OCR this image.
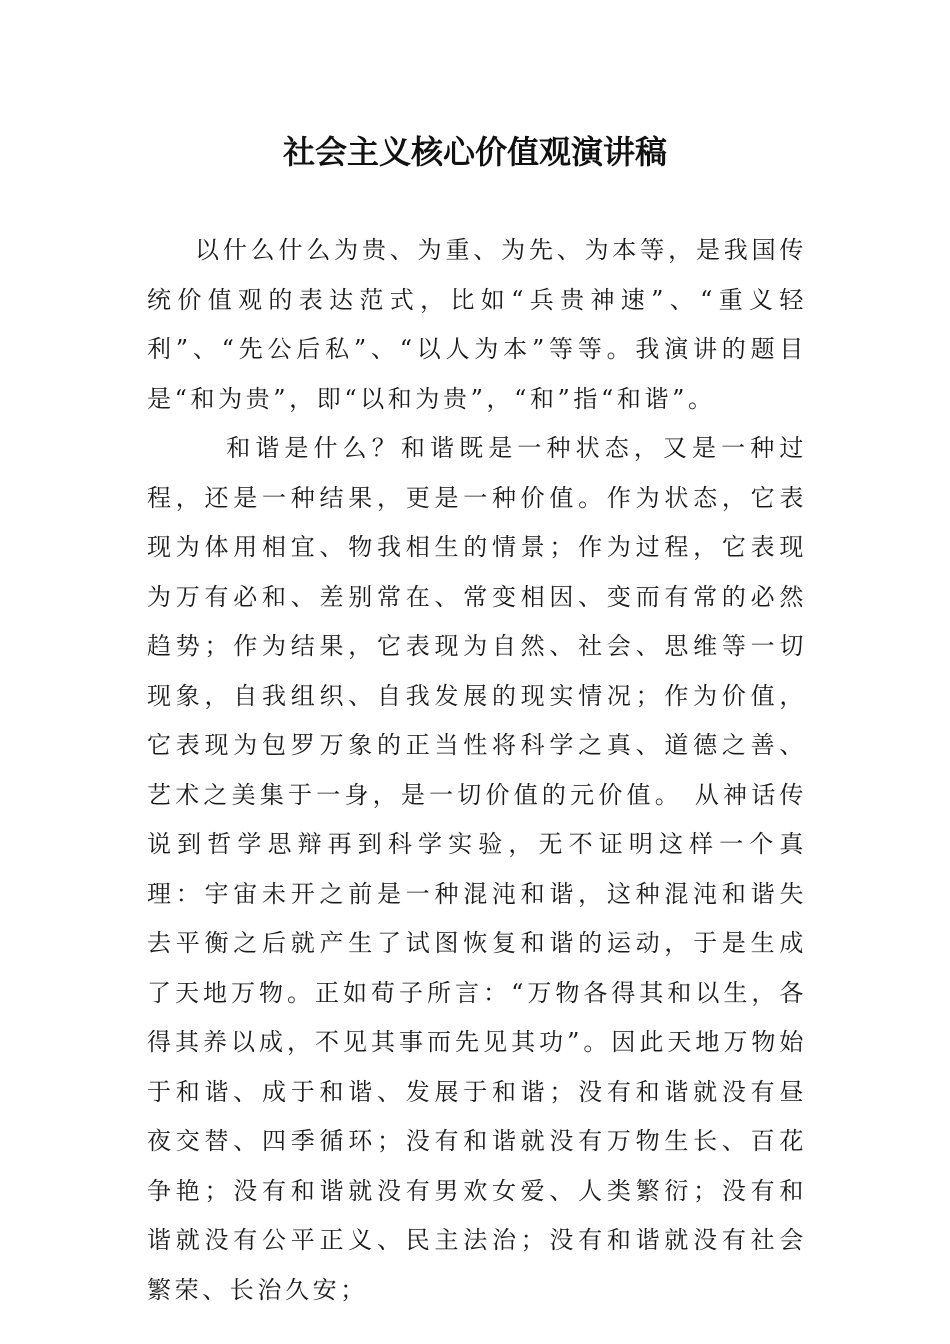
社会主义核心价值观演讲稿

以什么什么为贵、为重、为先、为本等，是我国传统价值观的表达范式，比如“兵贵神速”、“重义轻利”、“先公后私”、“以人为本”等等。我演讲的题目是“和为贵”，即“以和为贵”，“和”指“和谐”。

和谐是什么？和谐既是一种状态，又是一种过程，还是一种结果，更是一种价值。作为状态，它表现为体用相宜、物我相生的情景；作为过程，它表现为万有必和、差别常在、常变相因、变而有常的必然趋势；作为结果，它表现为自然、社会、思维等一切现象，自我组织、自我发展的现实情况；作为价值，它表现为包罗万象的正当性将科学之真、道德之善、艺术之美集于一身，是一切价值的元价值。 从神话传说到哲学思辩再到科学实验，无不证明这样一个真理：宇宙未开之前是一种混沌和谐，这种混沌和谐失去平衡之后就产生了试图恢复和谐的运动，于是生成了天地万物。正如荀子所言：“万物各得其和以生，各得其养以成，不见其事而先见其功”。因此天地万物始于和谐、成于和谐、发展于和谐；没有和谐就没有昼夜交替、四季循环；没有和谐就没有万物生长、百花争艳；没有和谐就没有男欢女爱、人类繁衍；没有和谐就没有公平正义、民主法治；没有和谐就没有社会繁荣、长治久安；
